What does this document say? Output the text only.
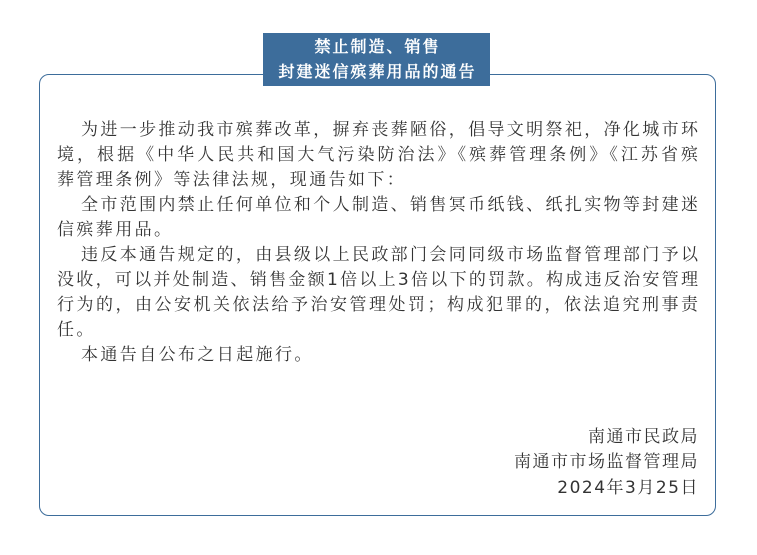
禁止制造、销售
封建迷信殡葬用品的通告
为进一步推动我市殡葬改革，摒弃丧葬陋俗，倡导文明祭祀，净化城市环
境，根据《中华人民共和国大气污染防治法》《殡葬管理条例》《江苏省殡
葬管理条例》等法律法规，现通告如下：
全市范围内禁止任何单位和个人制造、销售冥币纸钱、纸扎实物等封建迷
信殡葬用品。
违反本通告规定的，由县级以上民政部门会同同级市场监督管理部门予以
没收，可以并处制造、销售金额1倍以上3倍以下的罚款。构成违反治安管理
行为的，由公安机关依法给予治安管理处罚；构成犯罪的，依法追究刑事责
任。
本通告自公布之日起施行。
南通市民政局
南通市市场监督管理局
2024年3月25日
